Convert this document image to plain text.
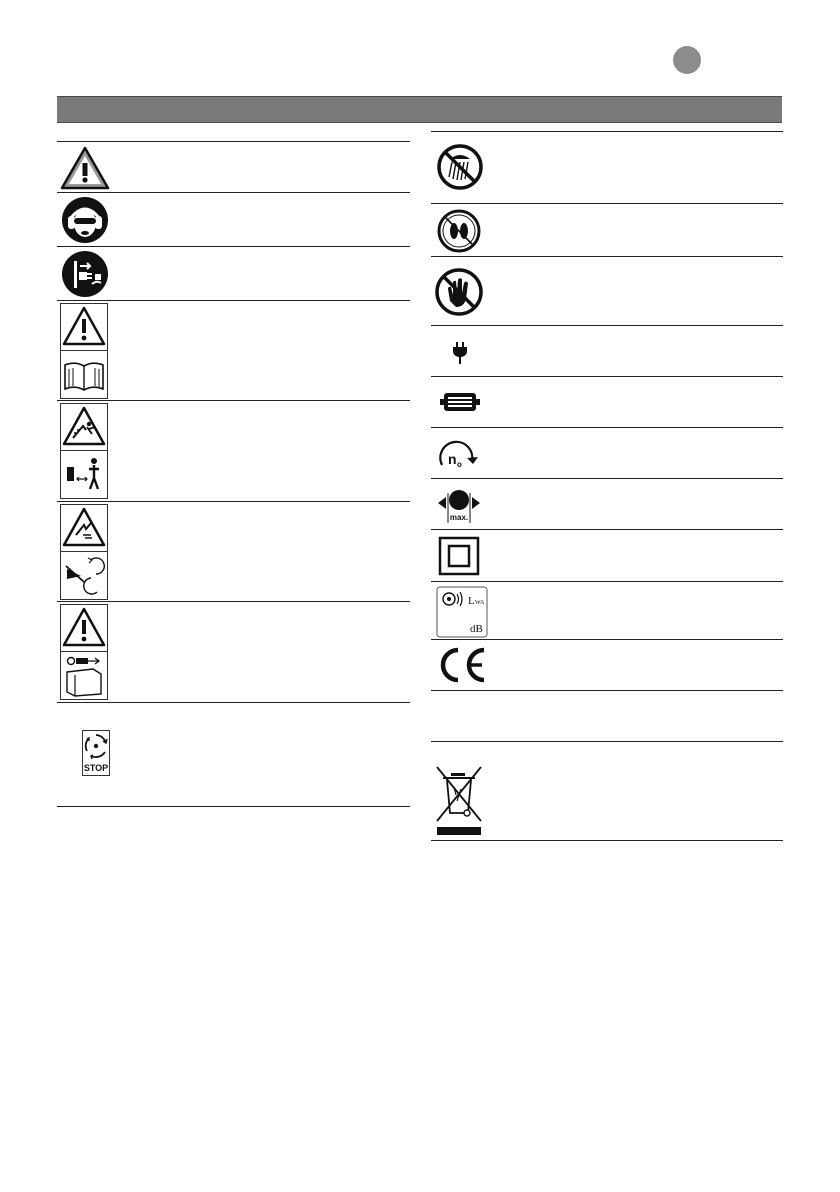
STOP
n o
max.
L WA
dB
